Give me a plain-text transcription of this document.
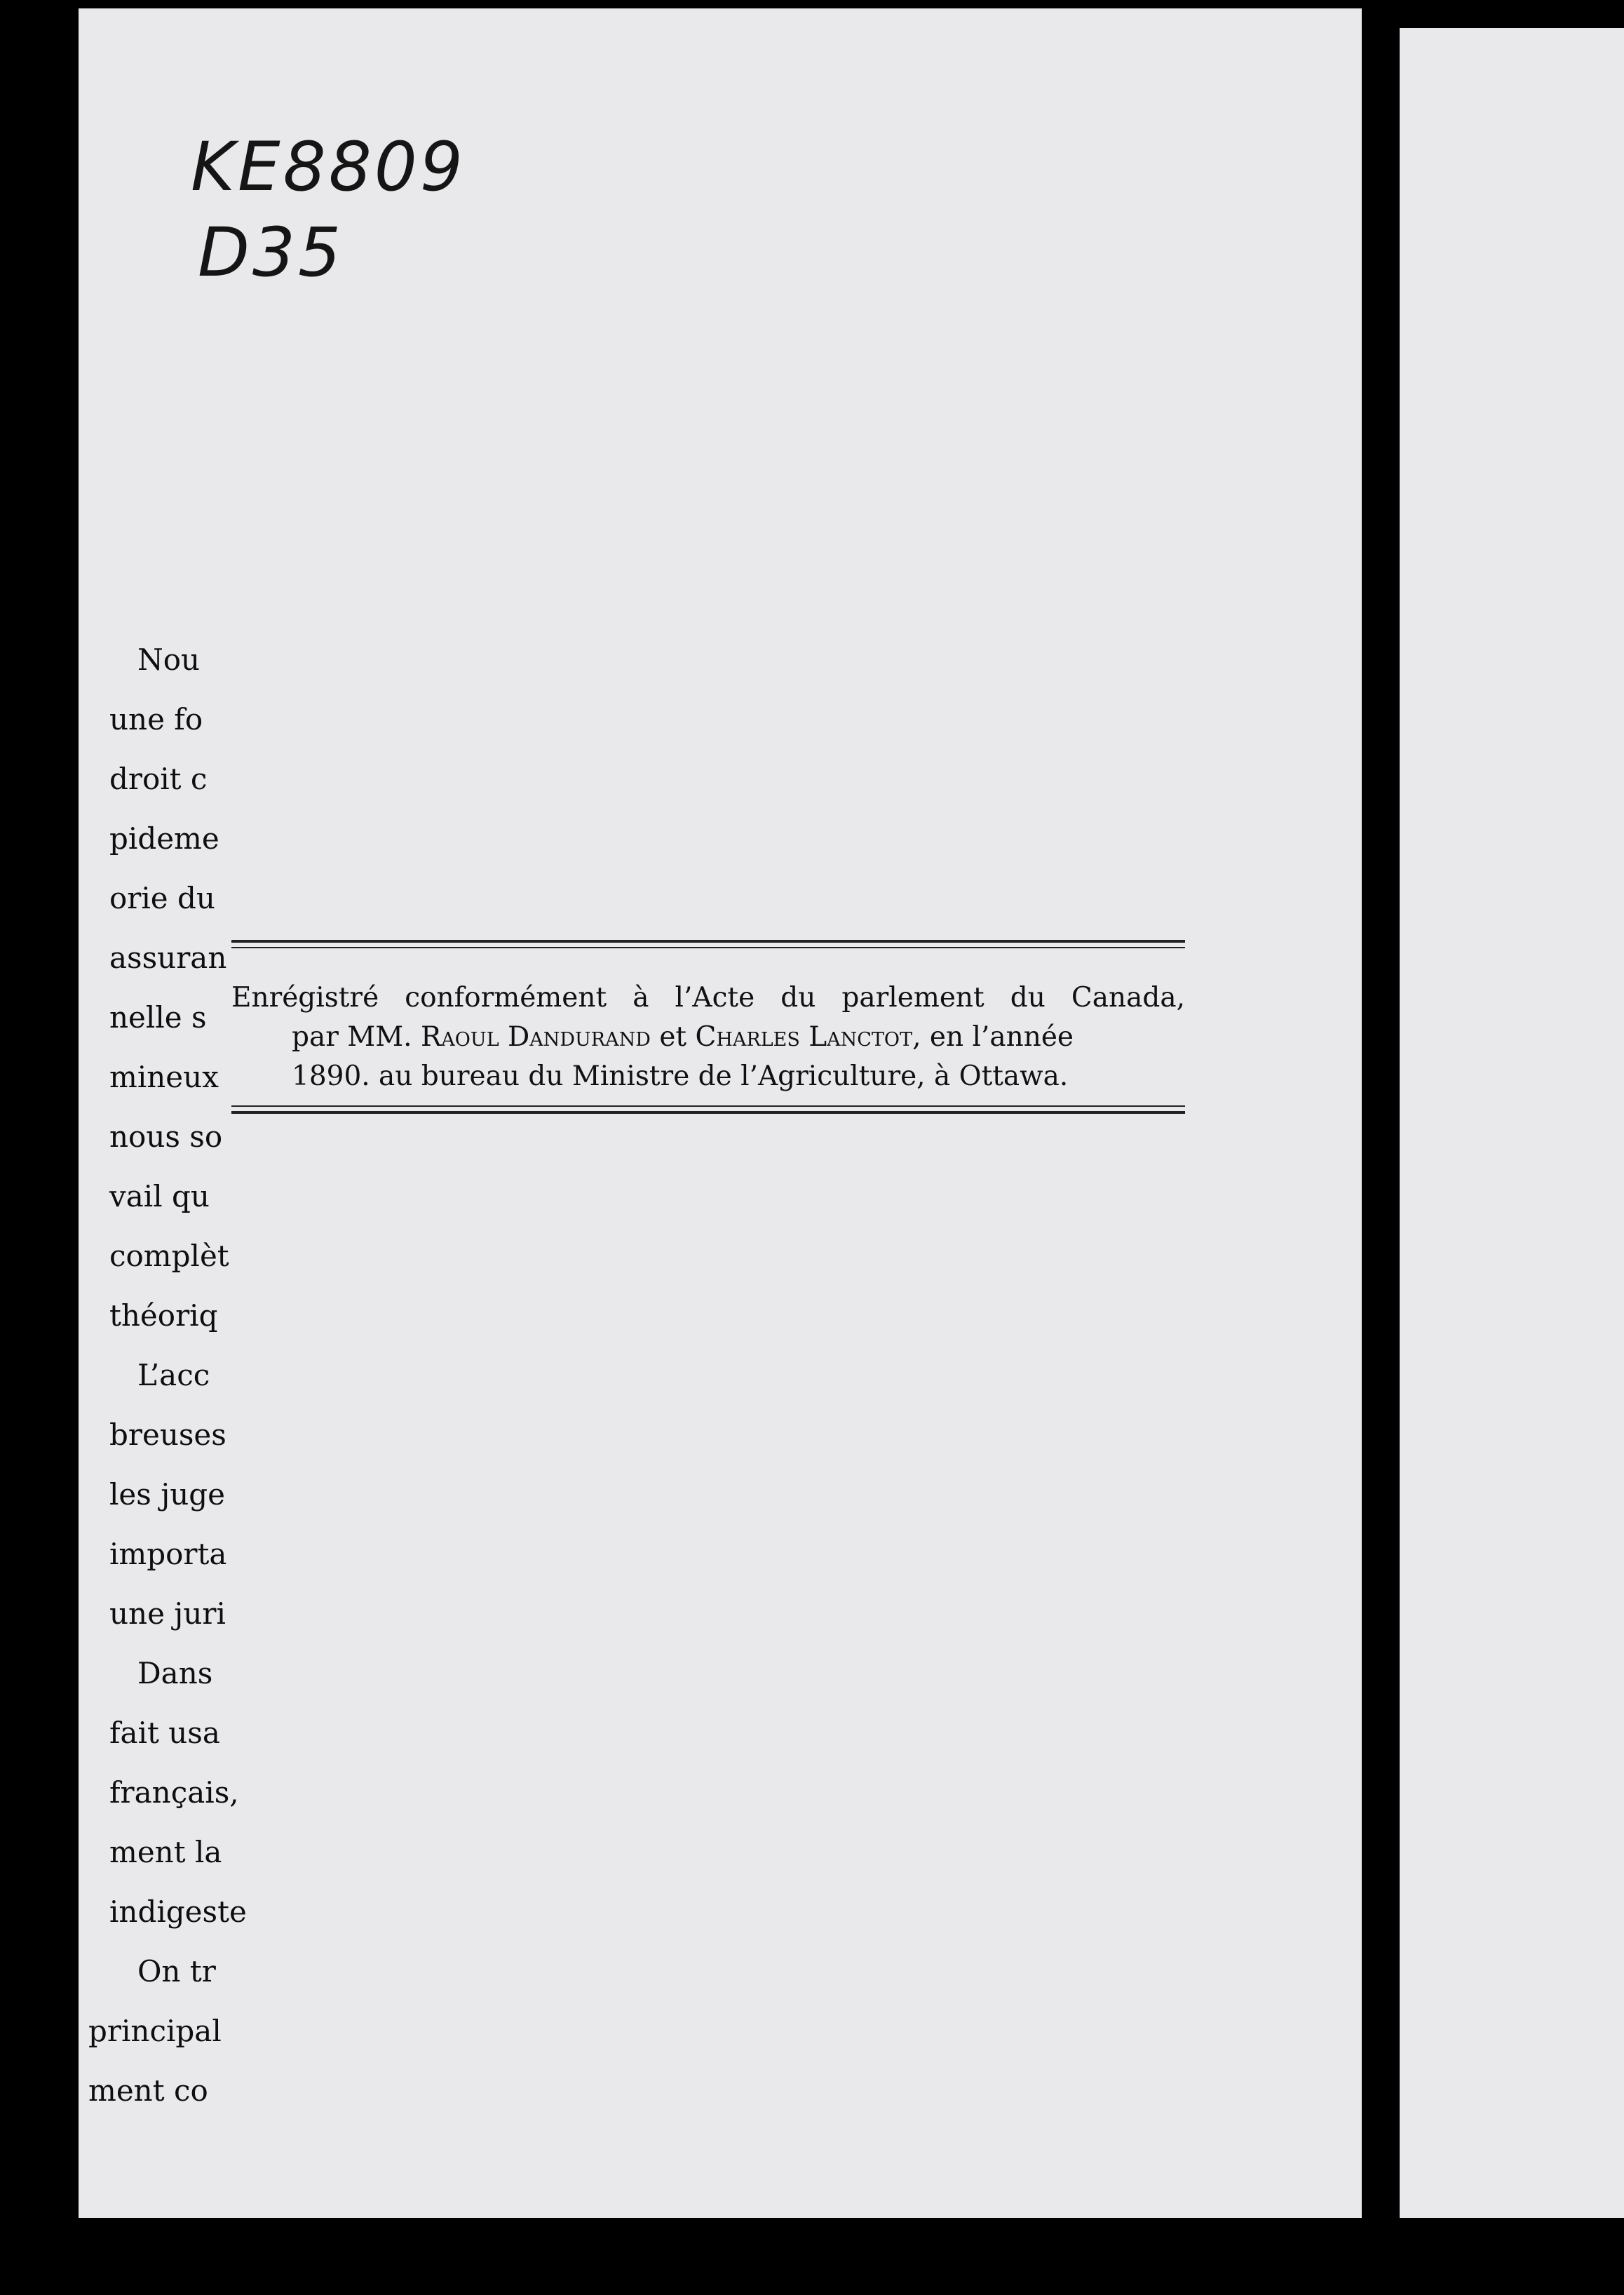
KE8809
D35

Enrégistré conformément à l’Acte du parlement du Canada,

par MM. Raoul Dandurand et Charles Lanctot, en l’année

1890. au bureau du Ministre de l’Agriculture, à Ottawa.

Nou
une fo
droit c
pideme
orie du
assuran
nelle s
mineux
nous so
vail qu
complèt
théoriq
L’acc
breuses
les juge
importa
une juri
Dans
fait usa
français,
ment la
indigeste
On tr
principal
ment co
